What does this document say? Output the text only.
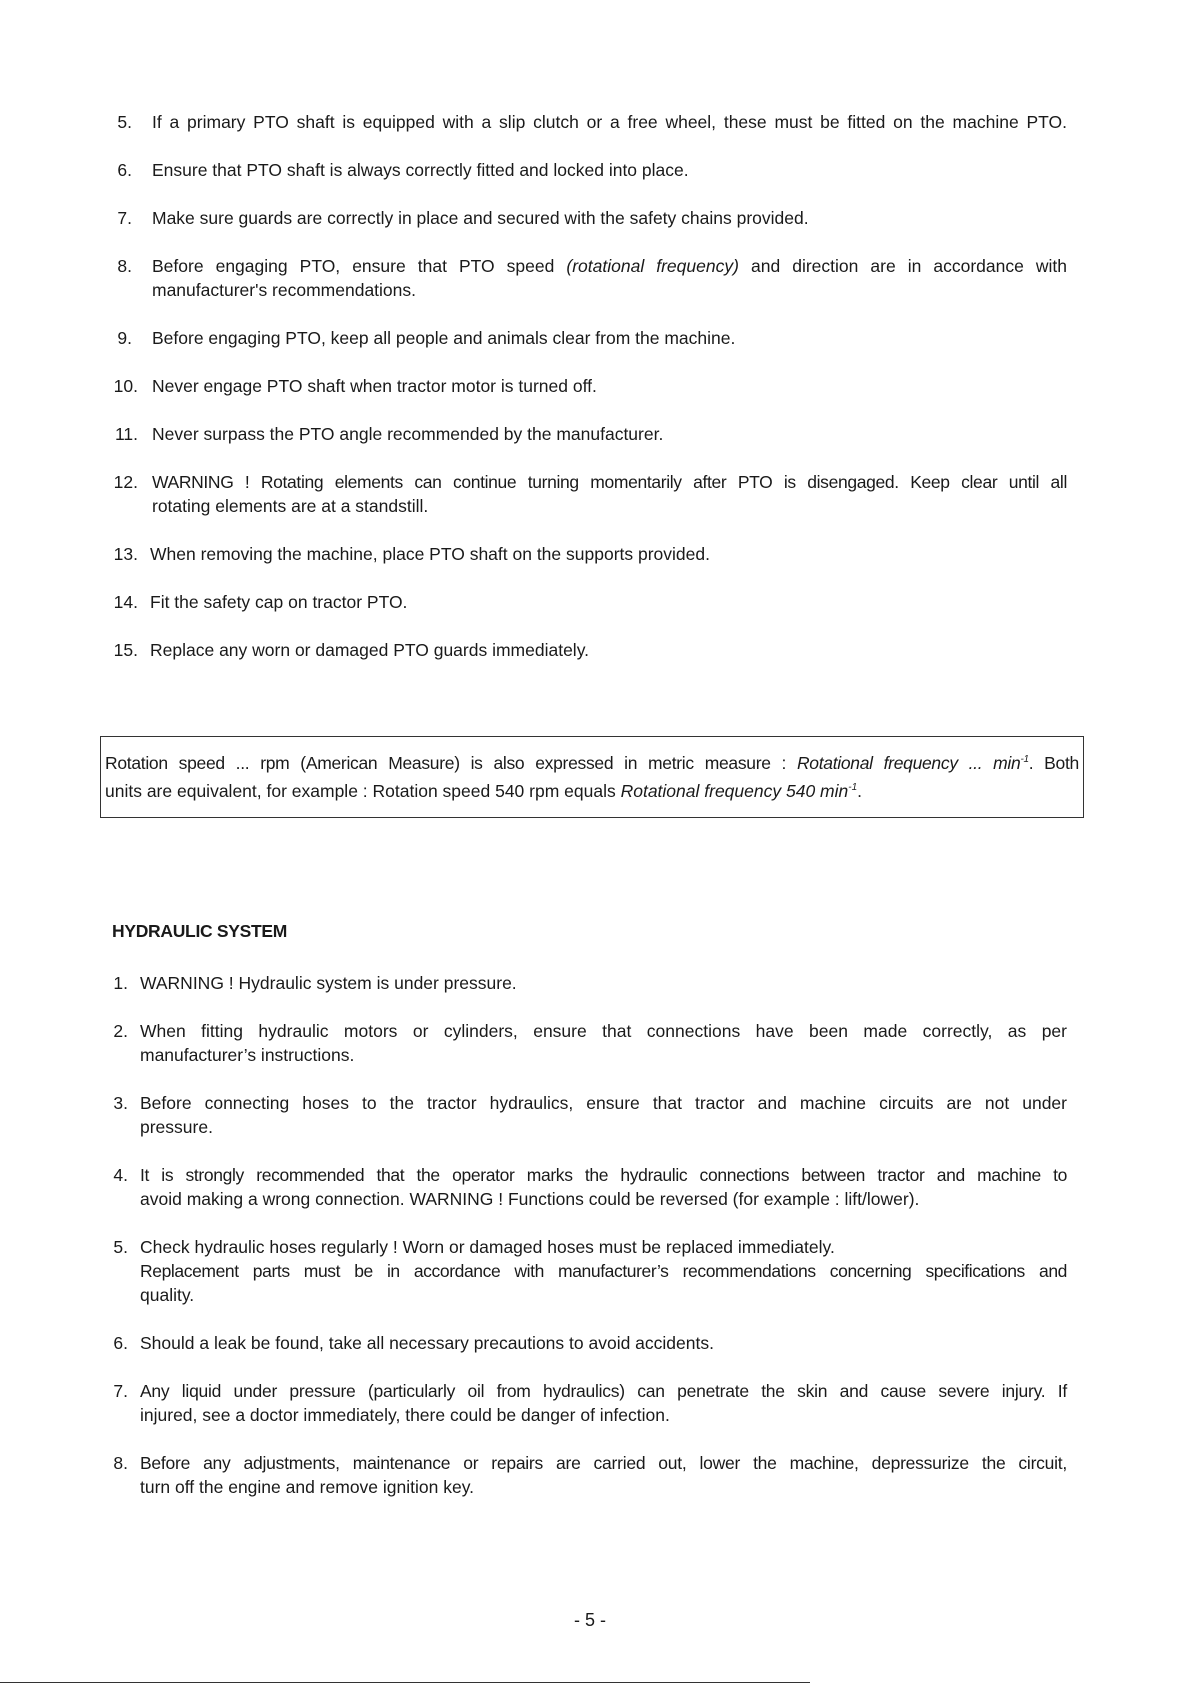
5. If a primary PTO shaft is equipped with a slip clutch or a free wheel, these must be fitted on the machine PTO.
6. Ensure that PTO shaft is always correctly fitted and locked into place.
7. Make sure guards are correctly in place and secured with the safety chains provided.
8. Before engaging PTO, ensure that PTO speed (rotational frequency) and direction are in accordance with
manufacturer's recommendations.
9. Before engaging PTO, keep all people and animals clear from the machine.
10. Never engage PTO shaft when tractor motor is turned off.
11. Never surpass the PTO angle recommended by the manufacturer.
12. WARNING ! Rotating elements can continue turning momentarily after PTO is disengaged. Keep clear until all
rotating elements are at a standstill.
13. When removing the machine, place PTO shaft on the supports provided.
14. Fit the safety cap on tractor PTO.
15. Replace any worn or damaged PTO guards immediately.
Rotation speed ... rpm (American Measure) is also expressed in metric measure : Rotational frequency ... $\min^{-1}$. Both
units are equivalent, for example : Rotation speed 540 rpm equals Rotational frequency 540 $\min^{-1}$.
HYDRAULIC SYSTEM
1. WARNING ! Hydraulic system is under pressure.
2. When fitting hydraulic motors or cylinders, ensure that connections have been made correctly, as per
manufacturer’s instructions.
3. Before connecting hoses to the tractor hydraulics, ensure that tractor and machine circuits are not under
pressure.
4. It is strongly recommended that the operator marks the hydraulic connections between tractor and machine to
avoid making a wrong connection. WARNING ! Functions could be reversed (for example : lift/lower).
5. Check hydraulic hoses regularly ! Worn or damaged hoses must be replaced immediately.
Replacement parts must be in accordance with manufacturer’s recommendations concerning specifications and
quality.
6. Should a leak be found, take all necessary precautions to avoid accidents.
7. Any liquid under pressure (particularly oil from hydraulics) can penetrate the skin and cause severe injury. If
injured, see a doctor immediately, there could be danger of infection.
8. Before any adjustments, maintenance or repairs are carried out, lower the machine, depressurize the circuit,
turn off the engine and remove ignition key.
- 5 -
